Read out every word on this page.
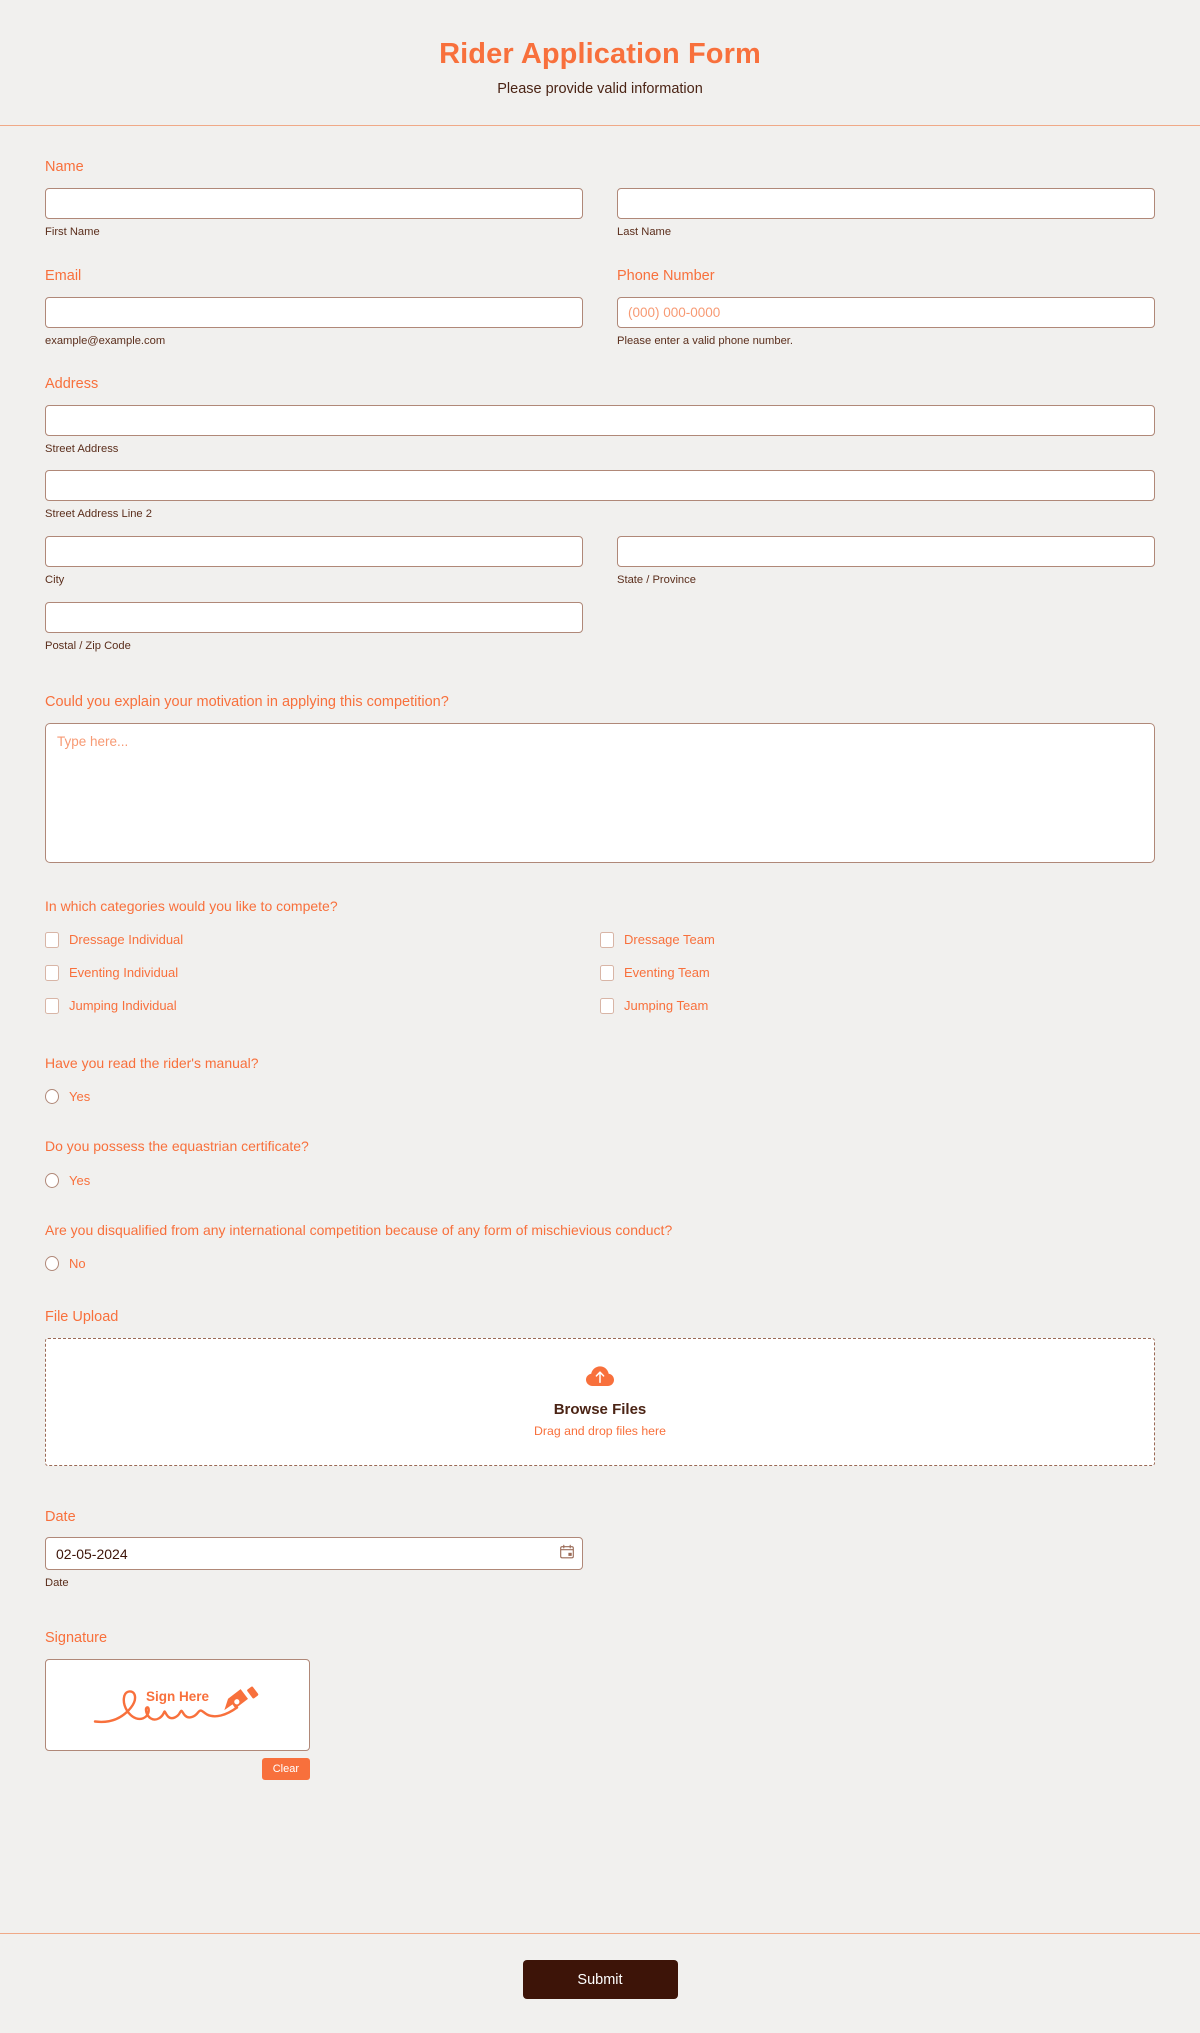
Rider Application Form
Please provide valid information
Name
First Name	Last Name
Email	Phone Number
example@example.com
(000) 000-0000	Please enter a valid phone number.
Address
Street Address
Street Address Line 2
City	State / Province
Postal / Zip Code
Could you explain your motivation in applying this competition?
Type here...
In which categories would you like to compete?
Dressage Individual
Eventing Individual
Jumping Individual
Dressage Team
Eventing Team
Jumping Team
Have you read the rider's manual?
Yes
Do you possess the equastrian certificate?
Yes
Are you disqualified from any international competition because of any form of mischievious conduct?
No
File Upload
Browse Files
Drag and drop files here
Date
02-05-2024
Date
Signature
Sign Here
Clear
Submit
